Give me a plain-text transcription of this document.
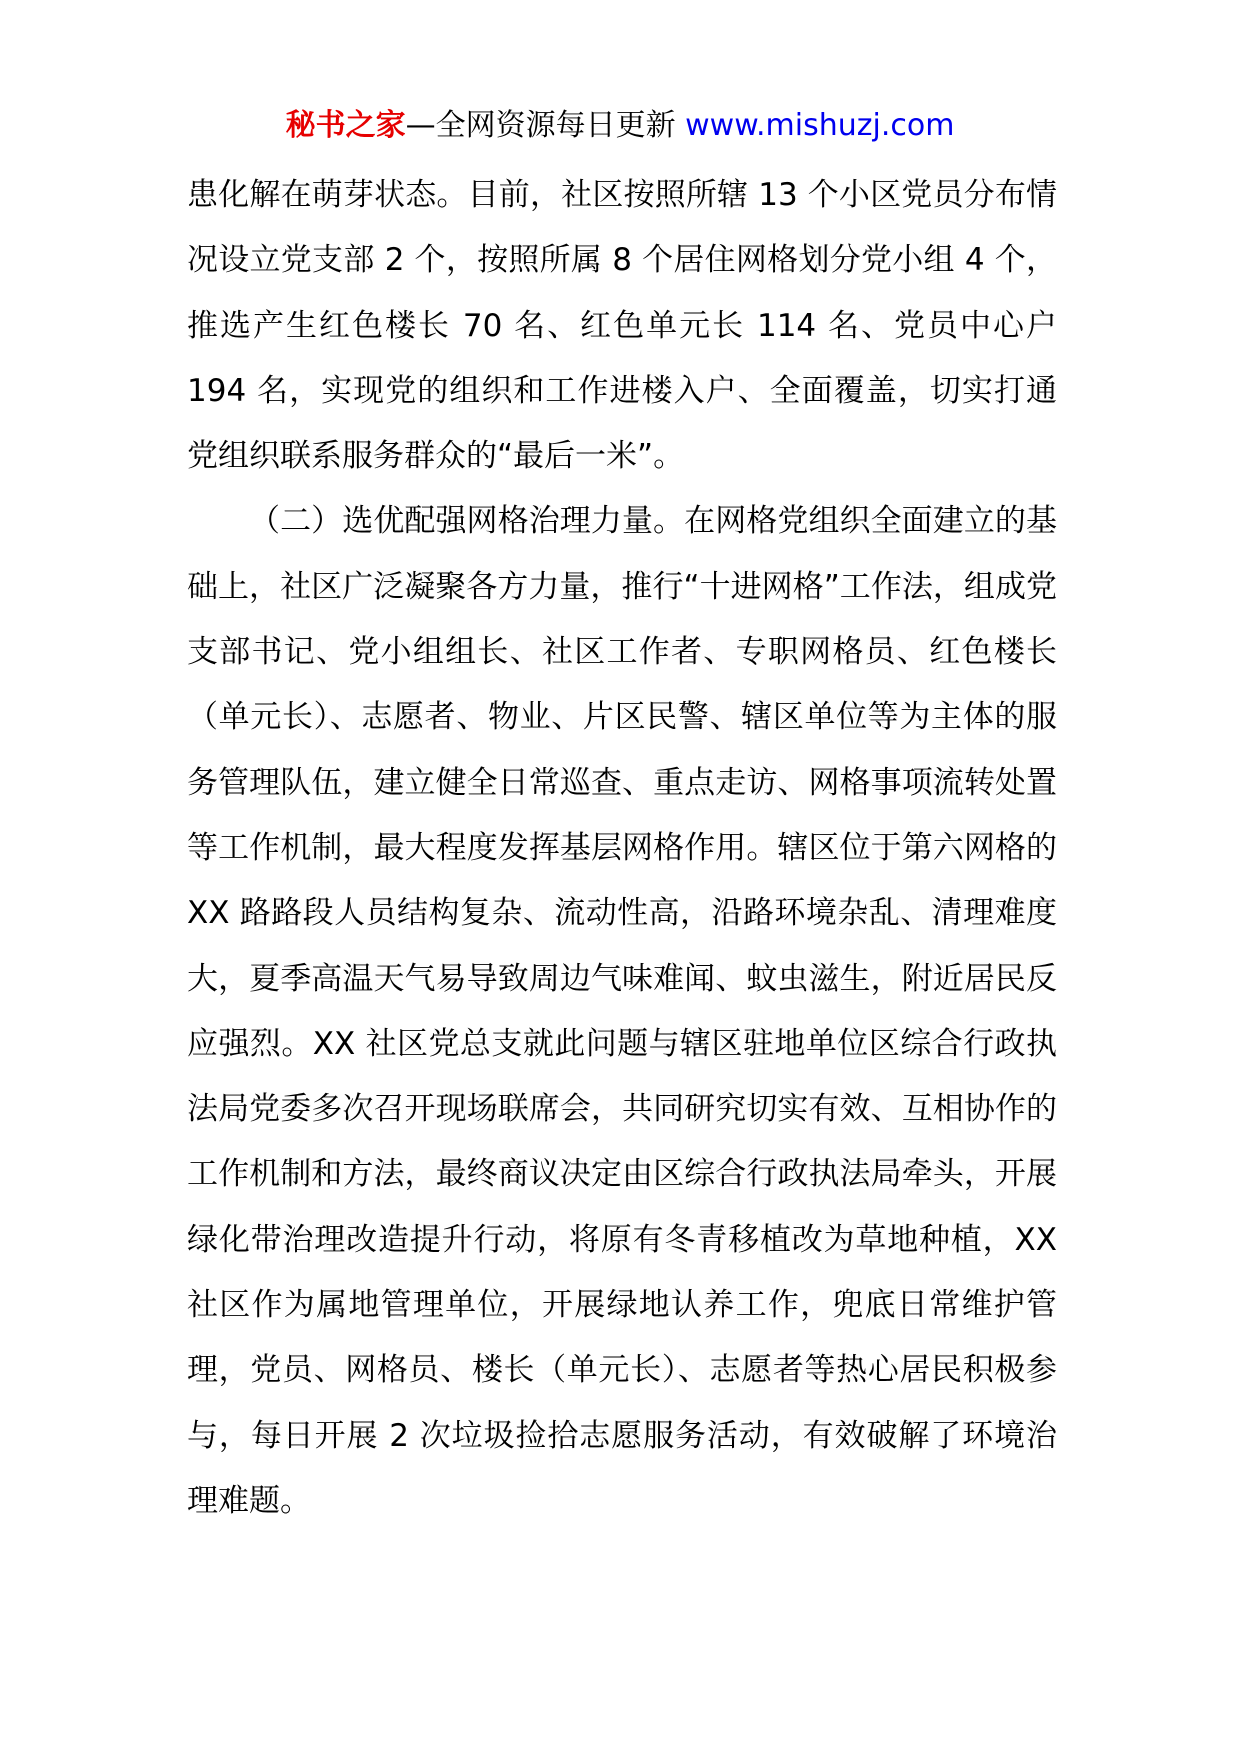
秘书之家—全网资源每日更新 www.mishuzj.com

患化解在萌芽状态。目前，社区按照所辖 13 个小区党员分布情况设立党支部 2 个，按照所属 8 个居住网格划分党小组 4 个，推选产生红色楼长 70 名、红色单元长 114 名、党员中心户 194 名，实现党的组织和工作进楼入户、全面覆盖，切实打通党组织联系服务群众的“最后一米”。

（二）选优配强网格治理力量。在网格党组织全面建立的基础上，社区广泛凝聚各方力量，推行“十进网格”工作法，组成党支部书记、党小组组长、社区工作者、专职网格员、红色楼长（单元长）、志愿者、物业、片区民警、辖区单位等为主体的服务管理队伍，建立健全日常巡查、重点走访、网格事项流转处置等工作机制，最大程度发挥基层网格作用。辖区位于第六网格的 XX 路路段人员结构复杂、流动性高，沿路环境杂乱、清理难度大，夏季高温天气易导致周边气味难闻、蚊虫滋生，附近居民反应强烈。XX 社区党总支就此问题与辖区驻地单位区综合行政执法局党委多次召开现场联席会，共同研究切实有效、互相协作的工作机制和方法，最终商议决定由区综合行政执法局牵头，开展绿化带治理改造提升行动，将原有冬青移植改为草地种植，XX 社区作为属地管理单位，开展绿地认养工作，兜底日常维护管理，党员、网格员、楼长（单元长）、志愿者等热心居民积极参与，每日开展 2 次垃圾捡拾志愿服务活动，有效破解了环境治理难题。
